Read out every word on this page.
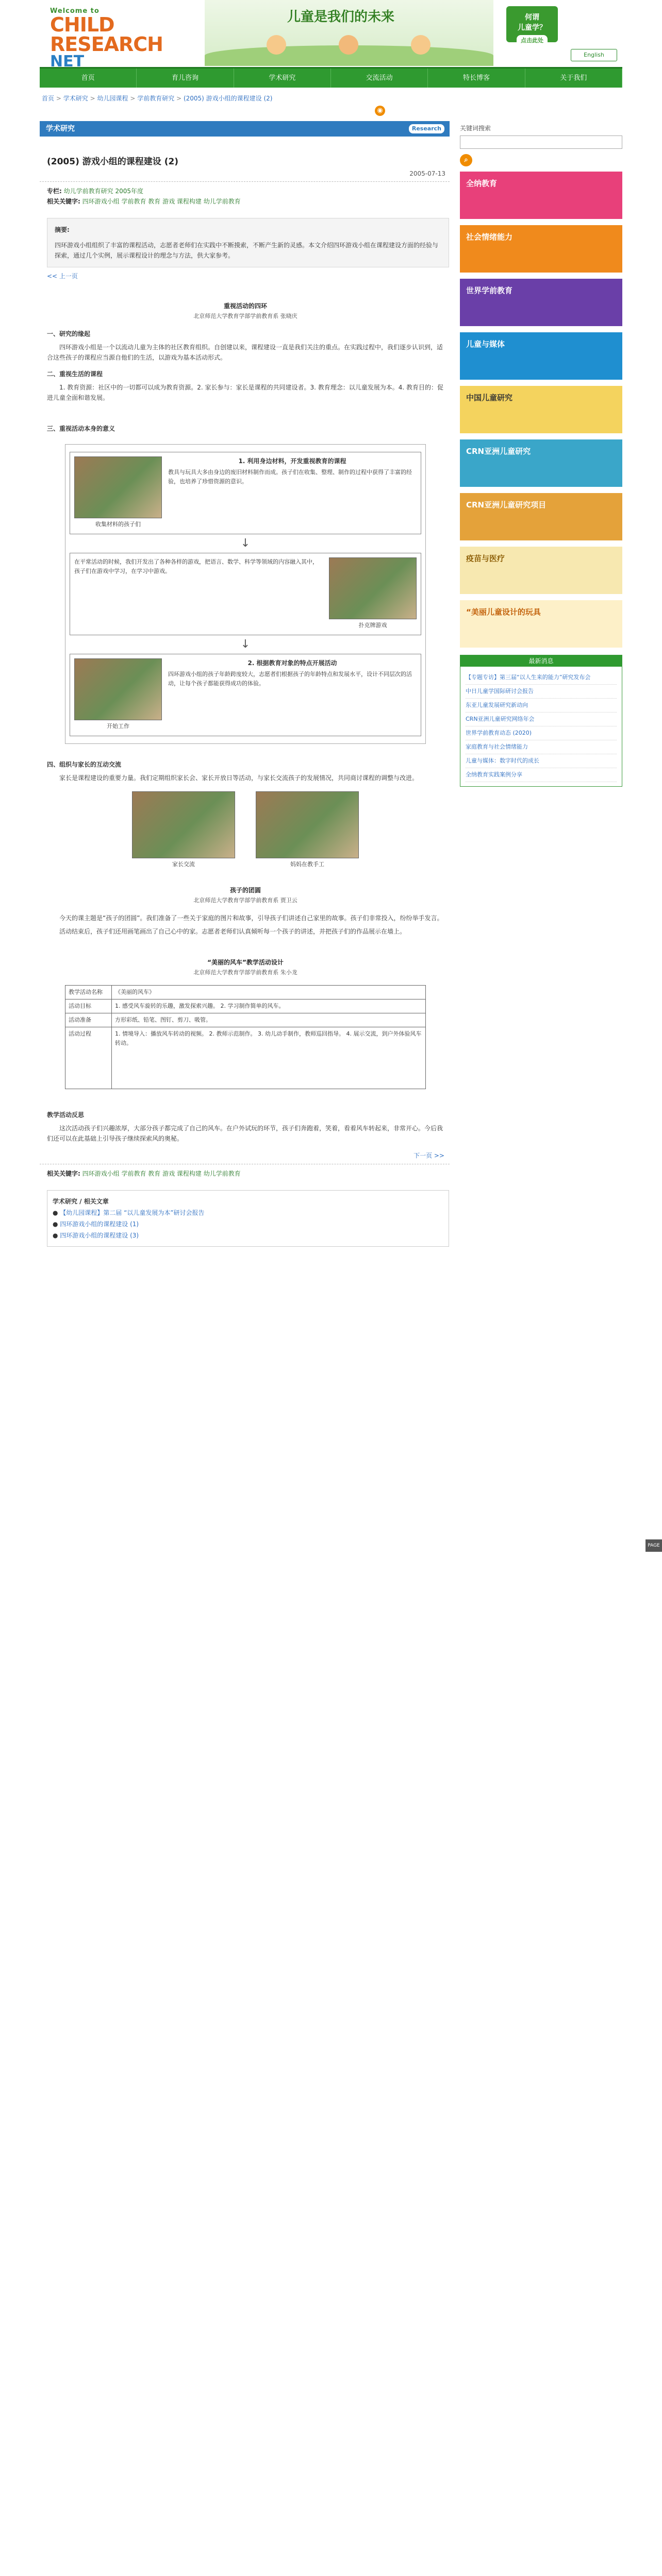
Welcome to
CHILD
RESEARCH
NET
儿童是我们的未来	何谓
儿童学？
点击此处
English
首页	育儿咨询	学术研究	交流活动	特长博客	关于我们
首页 > 学术研究 > 幼儿园课程 > 学前教育研究 > (2005) 游戏小组的课程建设 (2)
◉
学术研究	Research
(2005) 游戏小组的课程建设 (2)
2005-07-13
专栏: 幼儿学前教育研究 2005年度
相关关键字: 四环游戏小组 学前教育 教育 游戏 课程构建 幼儿学前教育
摘要:
四环游戏小组组织了丰富的课程活动，志愿者老师们在实践中不断摸索，不断产生新的灵感。本文介绍四环游戏小组在课程建设方面的经验与探索，通过几个实例，展示课程设计的理念与方法，供大家参考。
<< 上一页
重视活动的四环
北京师范大学教育学部学前教育系 张晓庆

一、研究的缘起

四环游戏小组是一个以流动儿童为主体的社区教育组织。自创建以来，课程建设一直是我们关注的重点。在实践过程中，我们逐步认识到，适合这些孩子的课程应当源自他们的生活，以游戏为基本活动形式。

二、重视生活的课程

1. 教育资源：社区中的一切都可以成为教育资源。2. 家长参与：家长是课程的共同建设者。3. 教育理念：以儿童发展为本。4. 教育目的：促进儿童全面和谐发展。

三、重视活动本身的意义

收集材料的孩子们
1. 利用身边材料，开发重视教育的课程
教具与玩具大多由身边的废旧材料制作而成。孩子们在收集、整理、制作的过程中获得了丰富的经验，也培养了珍惜资源的意识。
↓
在平常活动的时候，我们开发出了各种各样的游戏，把语言、数学、科学等领域的内容融入其中，孩子们在游戏中学习，在学习中游戏。
扑克牌游戏
↓
开始工作
2. 根据教育对象的特点开展活动
四环游戏小组的孩子年龄跨度较大，志愿者们根据孩子的年龄特点和发展水平，设计不同层次的活动，让每个孩子都能获得成功的体验。

四、组织与家长的互动交流

家长是课程建设的重要力量。我们定期组织家长会、家长开放日等活动，与家长交流孩子的发展情况，共同商讨课程的调整与改进。

家长交流	妈妈在教手工
孩子的团圆
北京师范大学教育学部学前教育系 贾卫云

今天的课主题是“孩子的团圆”。我们准备了一些关于家庭的图片和故事，引导孩子们讲述自己家里的故事。孩子们非常投入，纷纷举手发言。

活动结束后，孩子们还用画笔画出了自己心中的家。志愿者老师们认真倾听每一个孩子的讲述，并把孩子们的作品展示在墙上。

“美丽的风车”教学活动设计
北京师范大学教育学部学前教育系 朱小龙
教学活动名称	《美丽的风车》
活动目标	1. 感受风车旋转的乐趣，激发探索兴趣。 2. 学习制作简单的风车。
活动准备	方形彩纸、铅笔、图钉、剪刀、吸管。
活动过程	1. 情境导入：播放风车转动的视频。 2. 教师示范制作。 3. 幼儿动手制作，教师巡回指导。 4. 展示交流，到户外体验风车转动。

教学活动反思

这次活动孩子们兴趣浓厚，大部分孩子都完成了自己的风车。在户外试玩的环节，孩子们奔跑着，笑着，看着风车转起来，非常开心。今后我们还可以在此基础上引导孩子继续探索风的奥秘。

下一页 >>
相关关键字: 四环游戏小组 学前教育 教育 游戏 课程构建 幼儿学前教育
学术研究 / 相关文章
● 【幼儿园课程】第二届 “以儿童发展为本”研讨会报告
● 四环游戏小组的课程建设 (1)
● 四环游戏小组的课程建设 (3)
关键词搜索
⌕
全纳教育
社会情绪能力
世界学前教育
儿童与媒体
中国儿童研究
CRN亚洲儿童研究
CRN亚洲儿童研究项目
疫苗与医疗
“美丽儿童设计的玩具
最新消息
【专题专访】第三届“以人生来的能力”研究发布会
中日儿童学国际研讨会报告
东亚儿童发展研究新动向
CRN亚洲儿童研究网络年会
世界学前教育动态 (2020)
家庭教育与社会情绪能力
儿童与媒体：数字时代的成长
全纳教育实践案例分享
PAGE TOP
